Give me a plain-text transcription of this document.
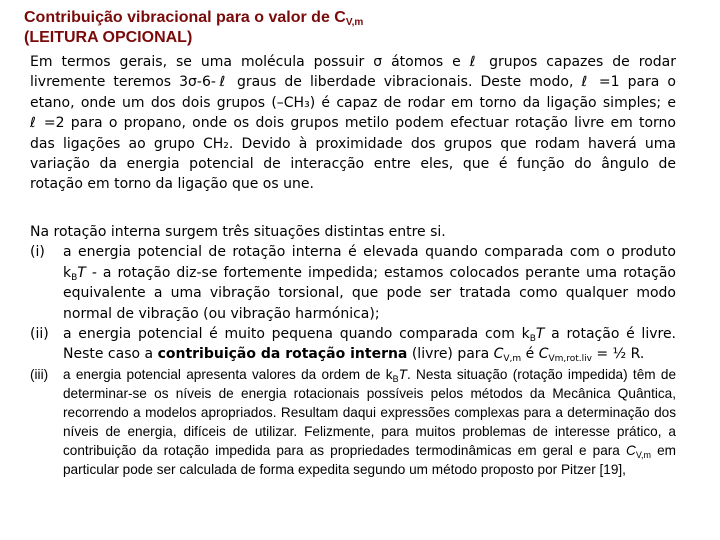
Contribuição vibracional para o valor de $C_{V,m}$
(LEITURA OPCIONAL)
Em termos gerais, se uma molécula possuir σ átomos e ℓ grupos capazes de rodar
livremente teremos 3σ-6-ℓ graus de liberdade vibracionais. Deste modo, ℓ =1 para o
etano, onde um dos dois grupos (–CH₃) é capaz de rodar em torno da ligação simples; e
ℓ =2 para o propano, onde os dois grupos metilo podem efectuar rotação livre em torno
das ligações ao grupo CH₂. Devido à proximidade dos grupos que rodam haverá uma
variação da energia potencial de interacção entre eles, que é função do ângulo de
rotação em torno da ligação que os une.
Na rotação interna surgem três situações distintas entre si.
(i) a energia potencial de rotação interna é elevada quando comparada com o produto $k_BT$ - a rotação diz-se fortemente impedida; estamos colocados perante uma rotação equivalente a uma vibração torsional, que pode ser tratada como qualquer modo normal de vibração (ou vibração harmónica);
(ii) a energia potencial é muito pequena quando comparada com $k_BT$ a rotação é livre. Neste caso a contribuição da rotação interna (livre) para $C_{V,m}$ é $C_{Vm,rot.liv}$ = ½ R.
(iii) a energia potencial apresenta valores da ordem de $k_BT$. Nesta situação (rotação impedida) têm de determinar-se os níveis de energia rotacionais possíveis pelos métodos da Mecânica Quântica, recorrendo a modelos apropriados. Resultam daqui expressões complexas para a determinação dos níveis de energia, difíceis de utilizar. Felizmente, para muitos problemas de interesse prático, a contribuição da rotação impedida para as propriedades termodinâmicas em geral e para $C_{V,m}$ em particular pode ser calculada de forma expedita segundo um método proposto por Pitzer [19],
